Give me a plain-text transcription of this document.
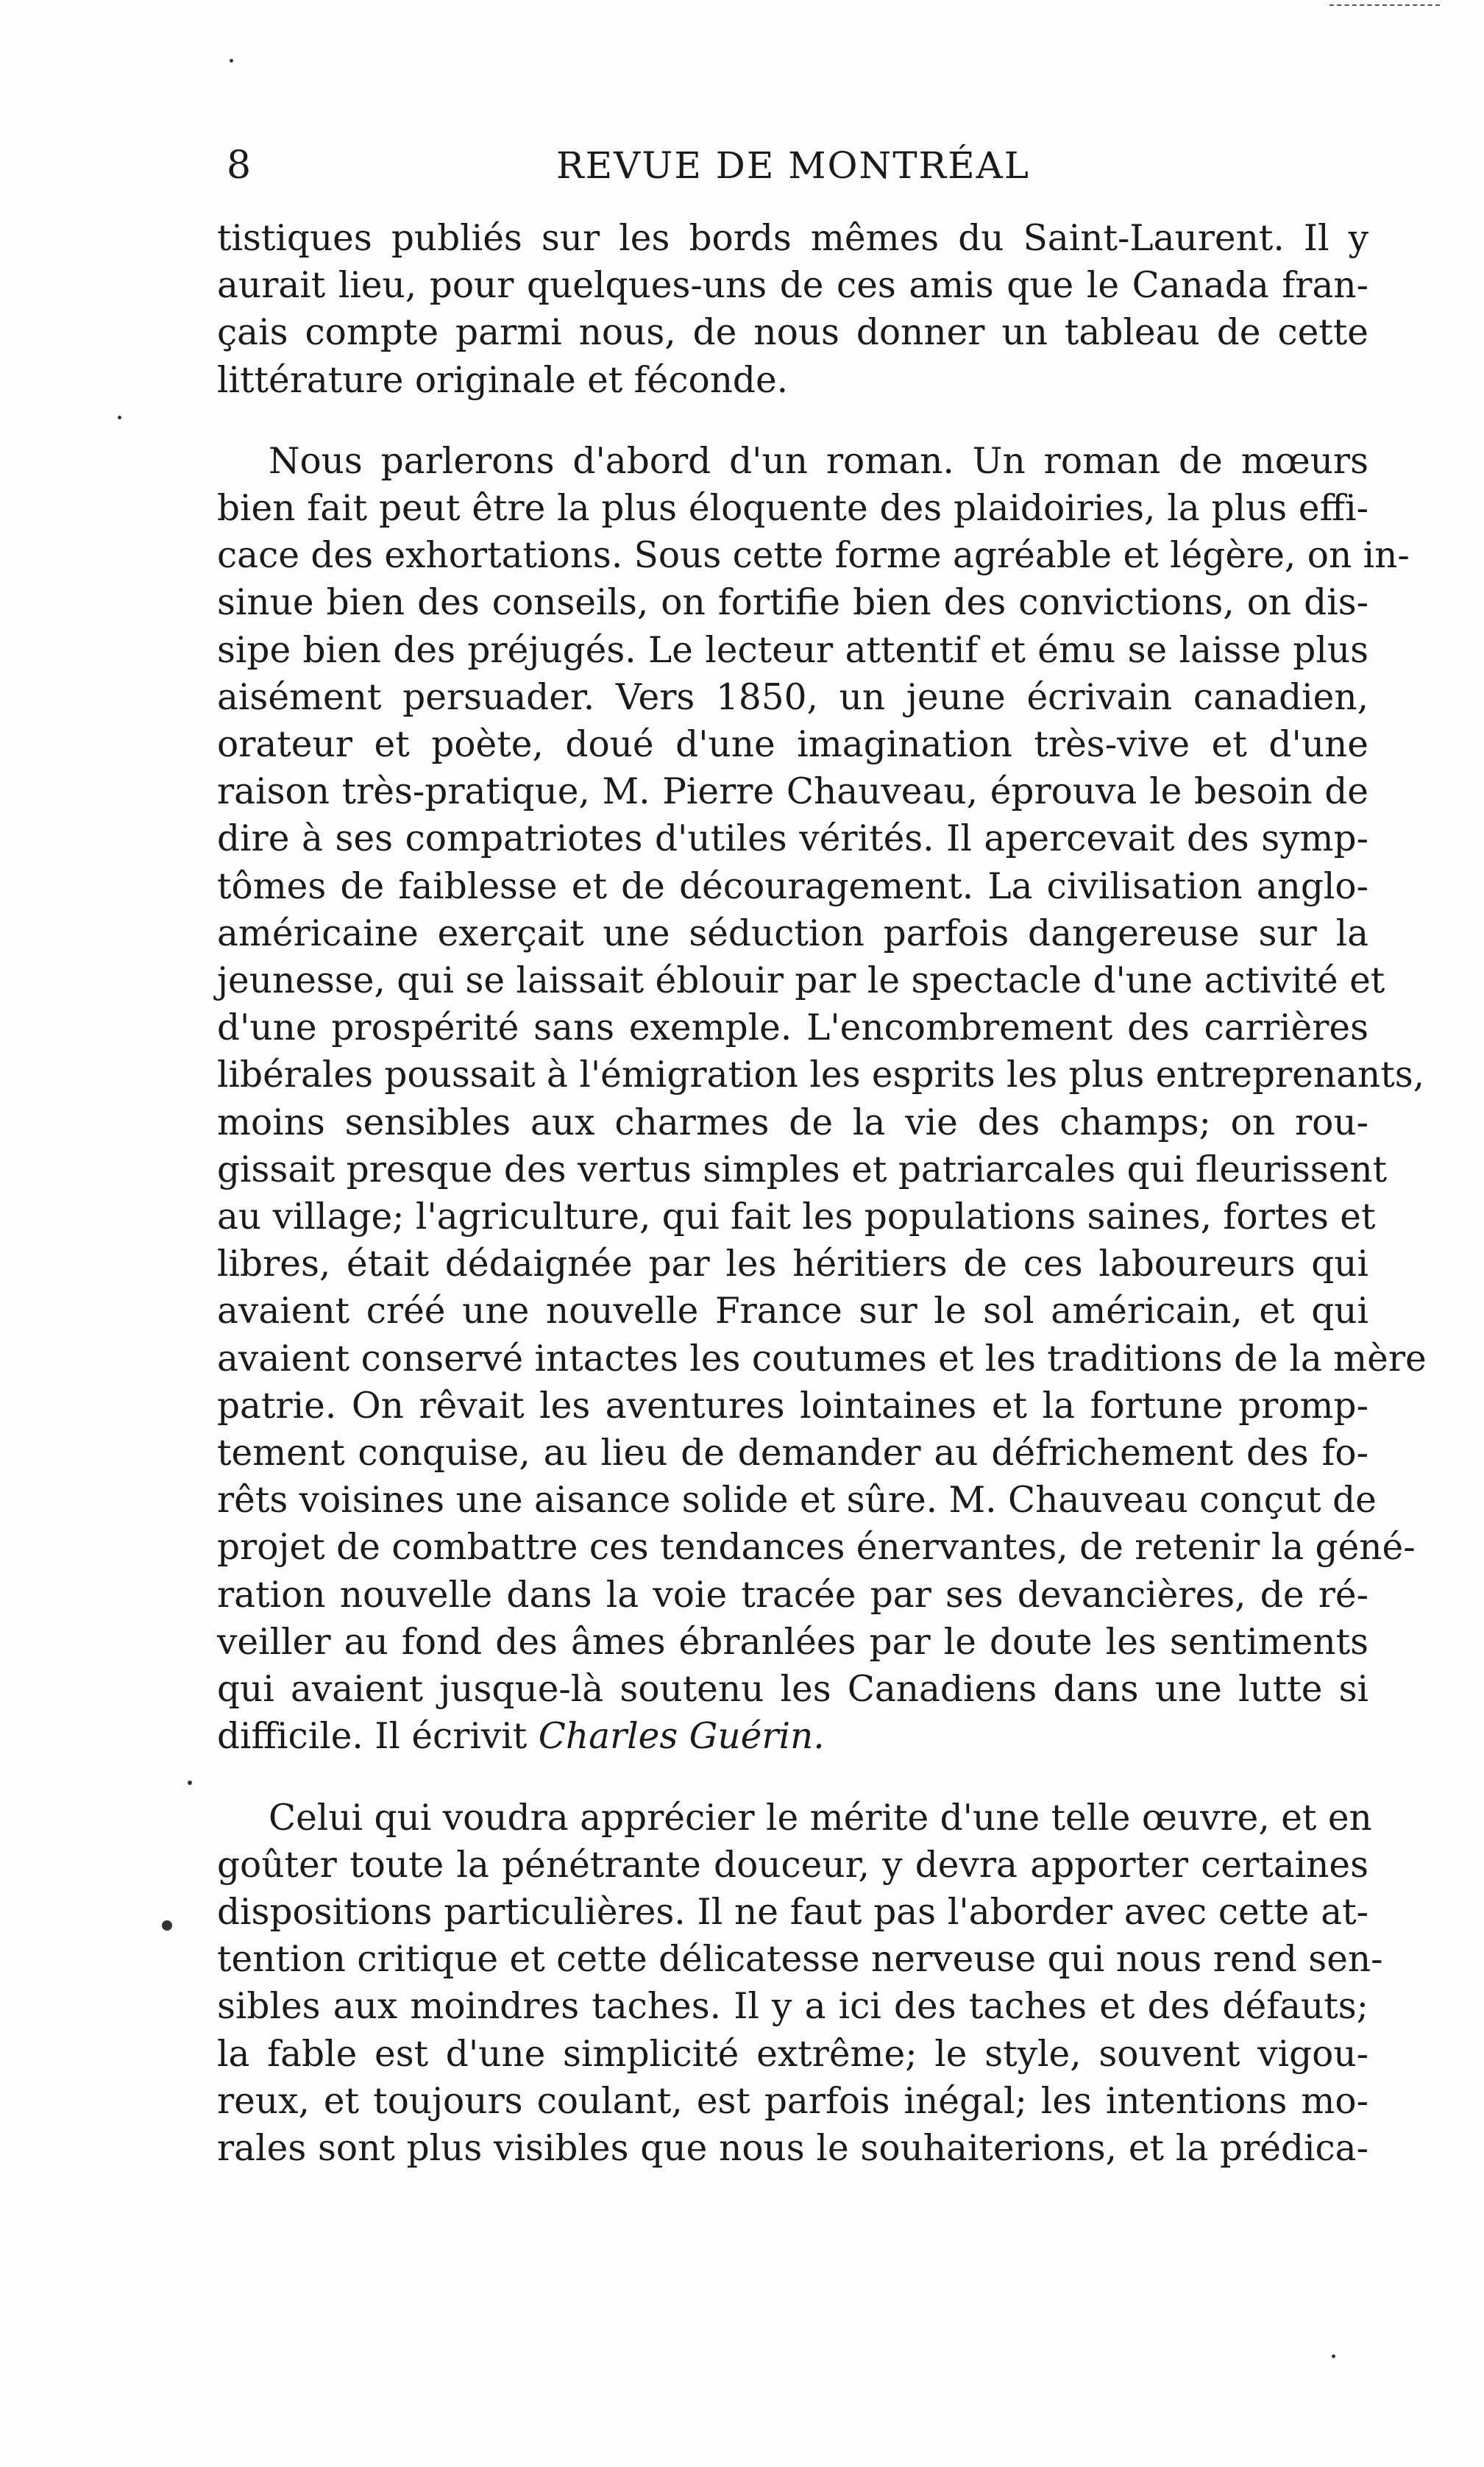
8	REVUE DE MONTRÉAL

tistiques publiés sur les bords mêmes du Saint-Laurent. Il y
aurait lieu, pour quelques-uns de ces amis que le Canada fran-
çais compte parmi nous, de nous donner un tableau de cette
littérature originale et féconde.

Nous parlerons d'abord d'un roman. Un roman de mœurs
bien fait peut être la plus éloquente des plaidoiries, la plus effi-
cace des exhortations. Sous cette forme agréable et légère, on in-
sinue bien des conseils, on fortifie bien des convictions, on dis-
sipe bien des préjugés. Le lecteur attentif et ému se laisse plus
aisément persuader. Vers 1850, un jeune écrivain canadien,
orateur et poète, doué d'une imagination très-vive et d'une
raison très-pratique, M. Pierre Chauveau, éprouva le besoin de
dire à ses compatriotes d'utiles vérités. Il apercevait des symp-
tômes de faiblesse et de découragement. La civilisation anglo-
américaine exerçait une séduction parfois dangereuse sur la
jeunesse, qui se laissait éblouir par le spectacle d'une activité et
d'une prospérité sans exemple. L'encombrement des carrières
libérales poussait à l'émigration les esprits les plus entreprenants,
moins sensibles aux charmes de la vie des champs; on rou-
gissait presque des vertus simples et patriarcales qui fleurissent
au village; l'agriculture, qui fait les populations saines, fortes et
libres, était dédaignée par les héritiers de ces laboureurs qui
avaient créé une nouvelle France sur le sol américain, et qui
avaient conservé intactes les coutumes et les traditions de la mère
patrie. On rêvait les aventures lointaines et la fortune promp-
tement conquise, au lieu de demander au défrichement des fo-
rêts voisines une aisance solide et sûre. M. Chauveau conçut de
projet de combattre ces tendances énervantes, de retenir la géné-
ration nouvelle dans la voie tracée par ses devancières, de ré-
veiller au fond des âmes ébranlées par le doute les sentiments
qui avaient jusque-là soutenu les Canadiens dans une lutte si
difficile. Il écrivit Charles Guérin.

Celui qui voudra apprécier le mérite d'une telle œuvre, et en
goûter toute la pénétrante douceur, y devra apporter certaines
dispositions particulières. Il ne faut pas l'aborder avec cette at-
tention critique et cette délicatesse nerveuse qui nous rend sen-
sibles aux moindres taches. Il y a ici des taches et des défauts;
la fable est d'une simplicité extrême; le style, souvent vigou-
reux, et toujours coulant, est parfois inégal; les intentions mo-
rales sont plus visibles que nous le souhaiterions, et la prédica-
